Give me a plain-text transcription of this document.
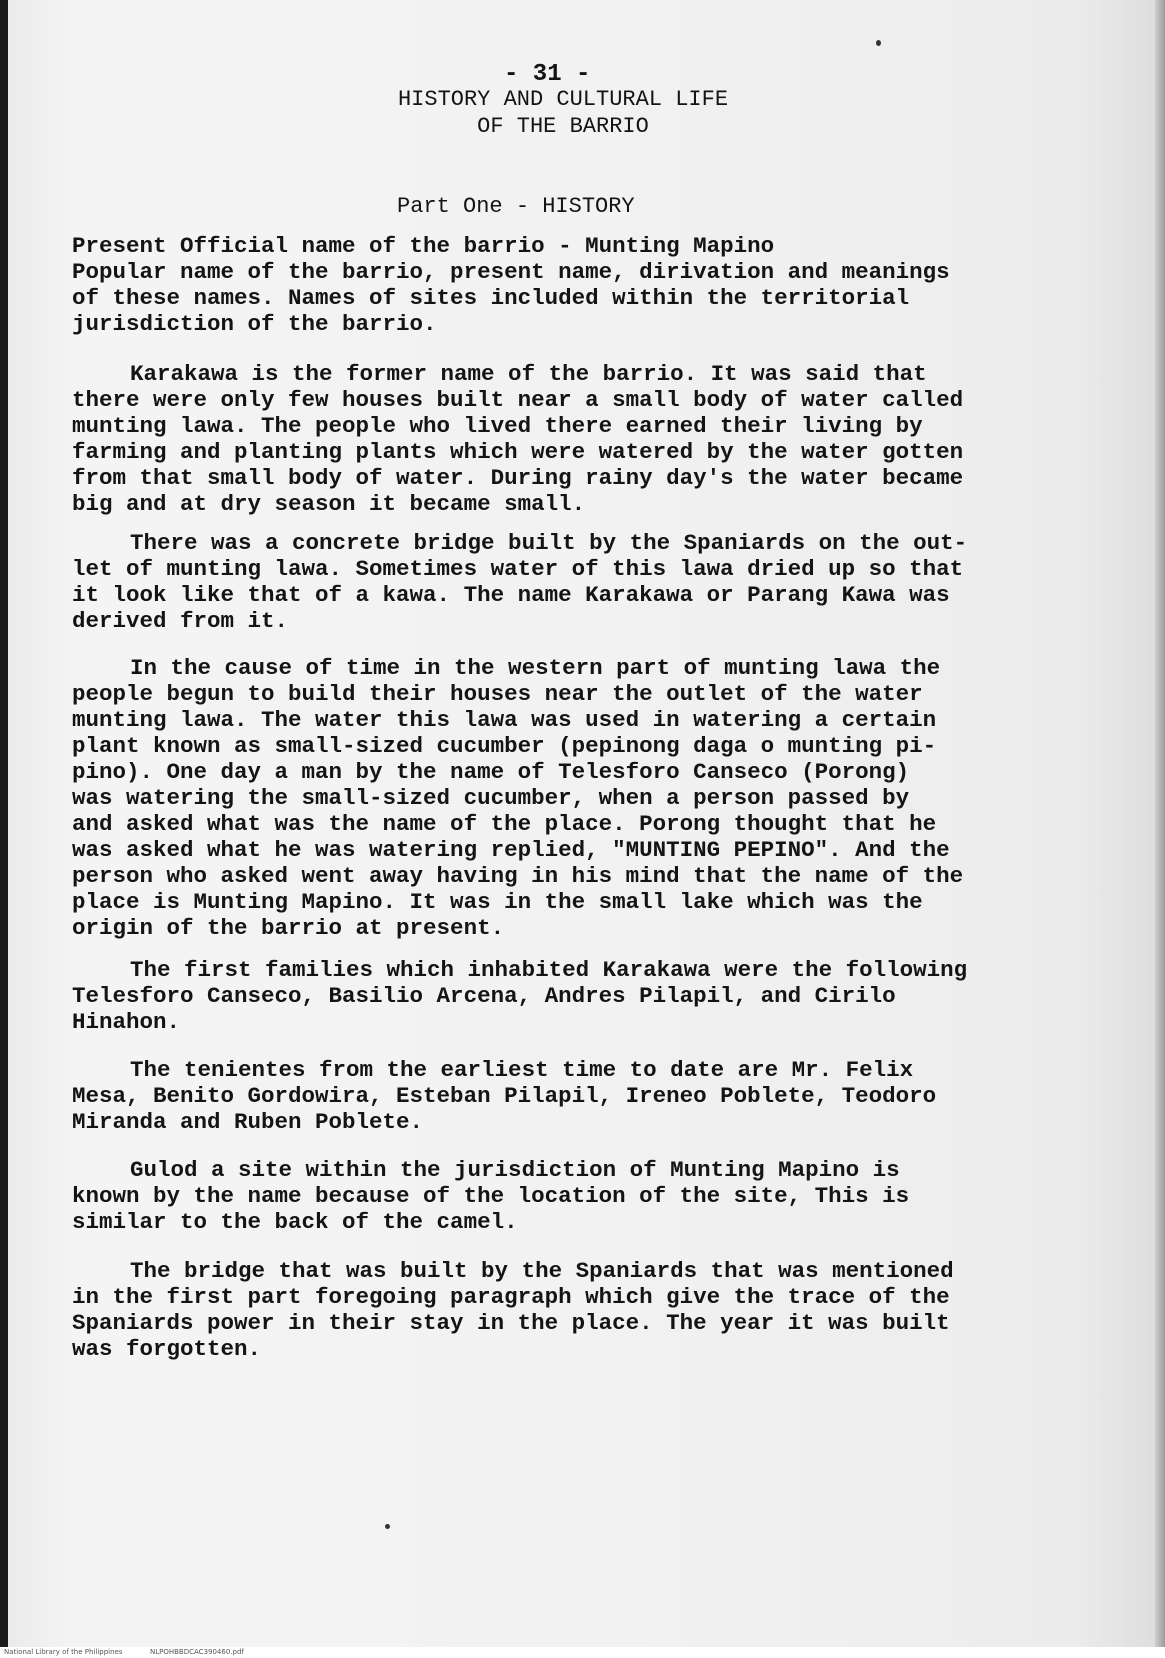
- 31 -
HISTORY AND CULTURAL LIFE
OF THE BARRIO
Part One - HISTORY
Present Official name of the barrio - Munting Mapino
Popular name of the barrio, present name, dirivation and meanings
of these names. Names of sites included within the territorial
jurisdiction of the barrio.
Karakawa is the former name of the barrio. It was said that
there were only few houses built near a small body of water called
munting lawa. The people who lived there earned their living by
farming and planting plants which were watered by the water gotten
from that small body of water. During rainy day's the water became
big and at dry season it became small.
There was a concrete bridge built by the Spaniards on the out-
let of munting lawa. Sometimes water of this lawa dried up so that
it look like that of a kawa. The name Karakawa or Parang Kawa was
derived from it.
In the cause of time in the western part of munting lawa the
people begun to build their houses near the outlet of the water
munting lawa. The water this lawa was used in watering a certain
plant known as small-sized cucumber (pepinong daga o munting pi-
pino). One day a man by the name of Telesforo Canseco (Porong)
was watering the small-sized cucumber, when a person passed by
and asked what was the name of the place. Porong thought that he
was asked what he was watering replied, "MUNTING PEPINO". And the
person who asked went away having in his mind that the name of the
place is Munting Mapino. It was in the small lake which was the
origin of the barrio at present.
The first families which inhabited Karakawa were the following
Telesforo Canseco, Basilio Arcena, Andres Pilapil, and Cirilo
Hinahon.
The tenientes from the earliest time to date are Mr. Felix
Mesa, Benito Gordowira, Esteban Pilapil, Ireneo Poblete, Teodoro
Miranda and Ruben Poblete.
Gulod a site within the jurisdiction of Munting Mapino is
known by the name because of the location of the site, This is
similar to the back of the camel.
The bridge that was built by the Spaniards that was mentioned
in the first part foregoing paragraph which give the trace of the
Spaniards power in their stay in the place. The year it was built
was forgotten.
National Library of the Philippines	NLPOHBBDCAC390460.pdf
